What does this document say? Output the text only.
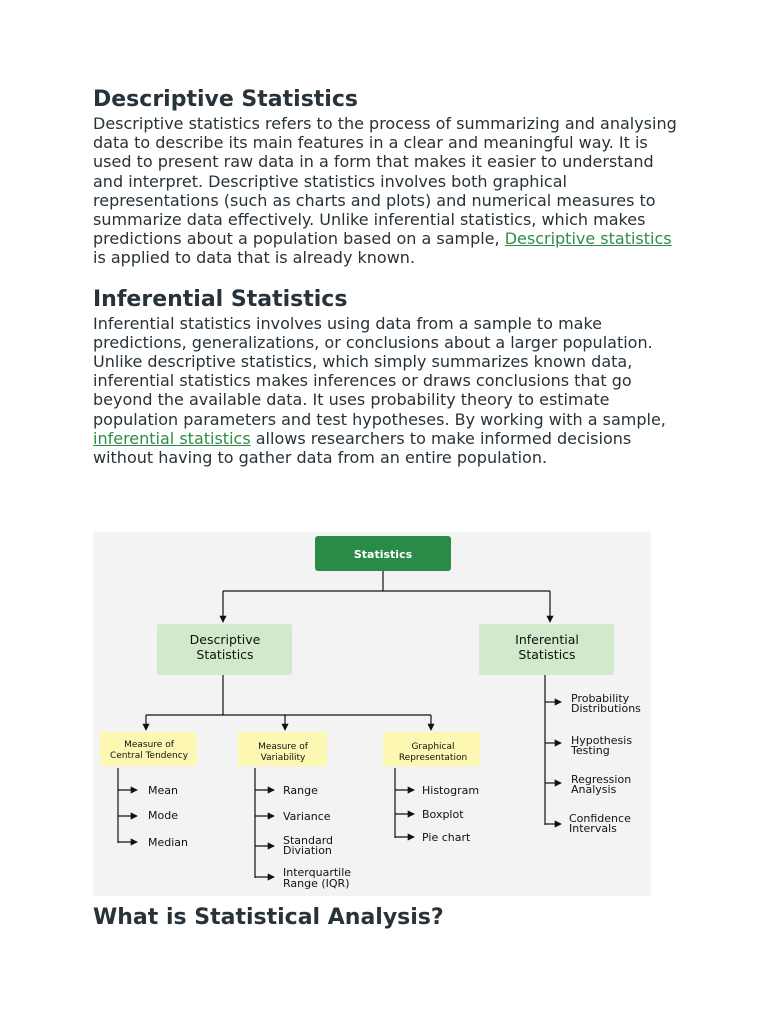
Descriptive Statistics

Descriptive statistics refers to the process of summarizing and analysing data to describe its main features in a clear and meaningful way. It is used to present raw data in a form that makes it easier to understand and interpret. Descriptive statistics involves both graphical representations (such as charts and plots) and numerical measures to summarize data effectively. Unlike inferential statistics, which makes predictions about a population based on a sample, Descriptive statistics is applied to data that is already known.

Inferential Statistics

Inferential statistics involves using data from a sample to make predictions, generalizations, or conclusions about a larger population. Unlike descriptive statistics, which simply summarizes known data, inferential statistics makes inferences or draws conclusions that go beyond the available data. It uses probability theory to estimate population parameters and test hypotheses. By working with a sample, inferential statistics allows researchers to make informed decisions without having to gather data from an entire population.

Statistics
Descriptive
Statistics
Inferential
Statistics
Measure of
Central Tendency
Measure of
Variability
Graphical
Representation
Mean
Mode
Median
Range
Variance
Standard
Diviation
Interquartile
Range (IQR)
Histogram
Boxplot
Pie chart
Probability
Distributions
Hypothesis
Testing
Regression
Analysis
Confidence
Intervals
What is Statistical Analysis?
